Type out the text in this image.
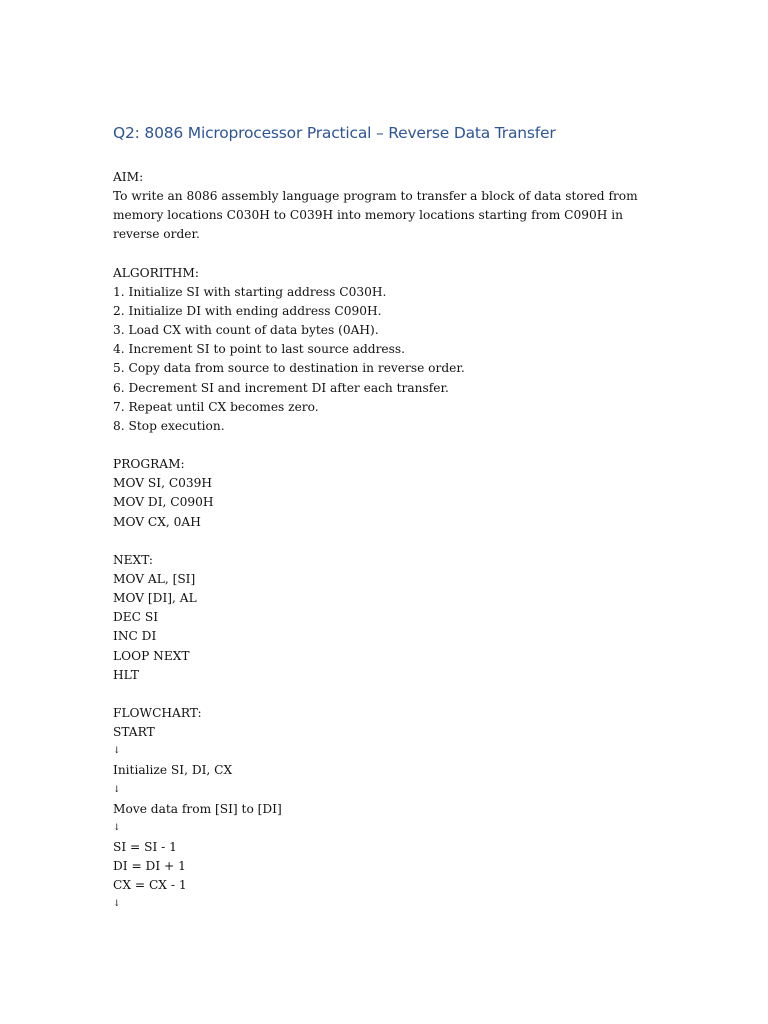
Q2: 8086 Microprocessor Practical – Reverse Data Transfer
AIM:
To write an 8086 assembly language program to transfer a block of data stored from memory locations C030H to C039H into memory locations starting from C090H in reverse order.
ALGORITHM:
1. Initialize SI with starting address C030H.
2. Initialize DI with ending address C090H.
3. Load CX with count of data bytes (0AH).
4. Increment SI to point to last source address.
5. Copy data from source to destination in reverse order.
6. Decrement SI and increment DI after each transfer.
7. Repeat until CX becomes zero.
8. Stop execution.
PROGRAM:
MOV SI, C039H
MOV DI, C090H
MOV CX, 0AH
NEXT:
MOV AL, [SI]
MOV [DI], AL
DEC SI
INC DI
LOOP NEXT
HLT
FLOWCHART:
START
↓
Initialize SI, DI, CX
↓
Move data from [SI] to [DI]
↓
SI = SI - 1
DI = DI + 1
CX = CX - 1
↓
